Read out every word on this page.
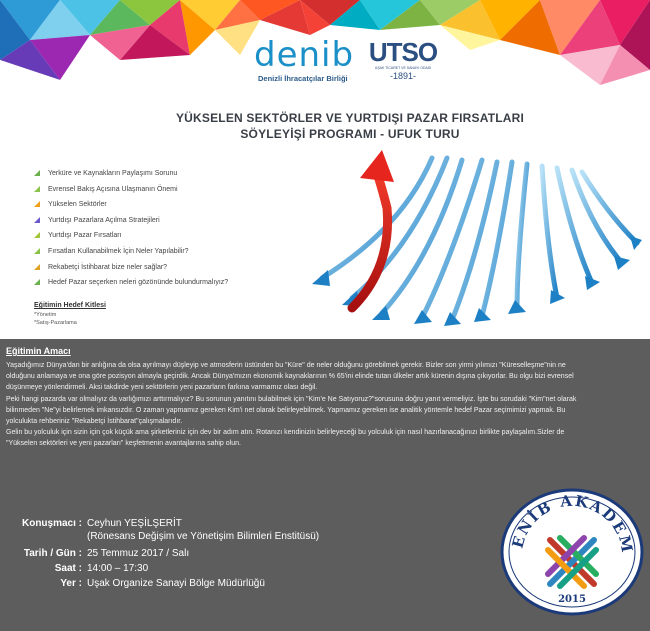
denib
Denizli İhracatçılar Birliği
UTSO
UŞAK TİCARET VE SANAYİ ODASI
-1891-
YÜKSELEN SEKTÖRLER VE YURTDIŞI PAZAR FIRSATLARI
SÖYLEYİŞİ PROGRAMI - UFUK TURU
Yerküre ve Kaynakların Paylaşımı Sorunu
Evrensel Bakış Açısına Ulaşmanın Önemi
Yükselen Sektörler
Yurtdışı Pazarlara Açılma Stratejileri
Yurtdışı Pazar Fırsatları
Fırsatları Kullanabilmek İçin Neler Yapılabilir?
Rekabetçi İstihbarat bize neler sağlar?
Hedef Pazar seçerken neleri gözönünde bulundurmalıyız?
Eğitimin Hedef Kitlesi
*Yönetim
*Satış-Pazarlama
Eğitimin Amacı

Yaşadığımız Dünya'dan bir anlığına da olsa ayrılmayı düşleyip ve atmosferin üstünden bu "Küre" de neler olduğunu görebilmek gerekir. Bizler son yirmi yılımızı "Küreselleşme"nin ne olduğunu anlamaya ve ona göre pozisyon almayla geçirdik. Ancak Dünya'mızın ekonomik kaynaklarının % 65'ini elinde tutan ülkeler artık kürenin dışına çıkıyorlar. Bu olgu bizi evrensel düşünmeye yönlendirmeli. Aksi takdirde yeni sektörlerin yeni pazarların farkına varmamız olası değil.

Peki hangi pazarda var olmalıyız da varlığımızı arttırmalıyız? Bu sorunun yanıtını bulabilmek için "Kim'e Ne Satıyoruz?"sorusuna doğru yanıt vermeliyiz. İşte bu sorudaki "Kim"net olarak bilinmeden "Ne"yi belirlemek imkansızdır. O zaman yapmamız gereken Kim'i net olarak belirleyebilmek. Yapmamız gereken ise analitik yöntemle hedef Pazar seçimimizi yapmak. Bu yolculukta rehberiniz "Rekabetçi İstihbarat"çalışmalarıdır.

Gelin bu yolculuk için sizin için çok küçük ama şirketleriniz için dev bir adım atın. Rotanızı kendinizin belirleyeceği bu yolculuk için nasıl hazırlanacağınızı birlikte paylaşalım.Sizler de "Yükselen sektörleri ve yeni pazarları" keşfetmenin avantajlarına sahip olun.

Konuşmacı : Ceyhun YEŞİLŞERİT
(Rönesans Değişim ve Yönetişim Bilimleri Enstitüsü)
Tarih / Gün : 25 Temmuz 2017 / Salı
Saat : 14:00 – 17:30
Yer : Uşak Organize Sanayi Bölge Müdürlüğü
ENİB AKADEM
2015
